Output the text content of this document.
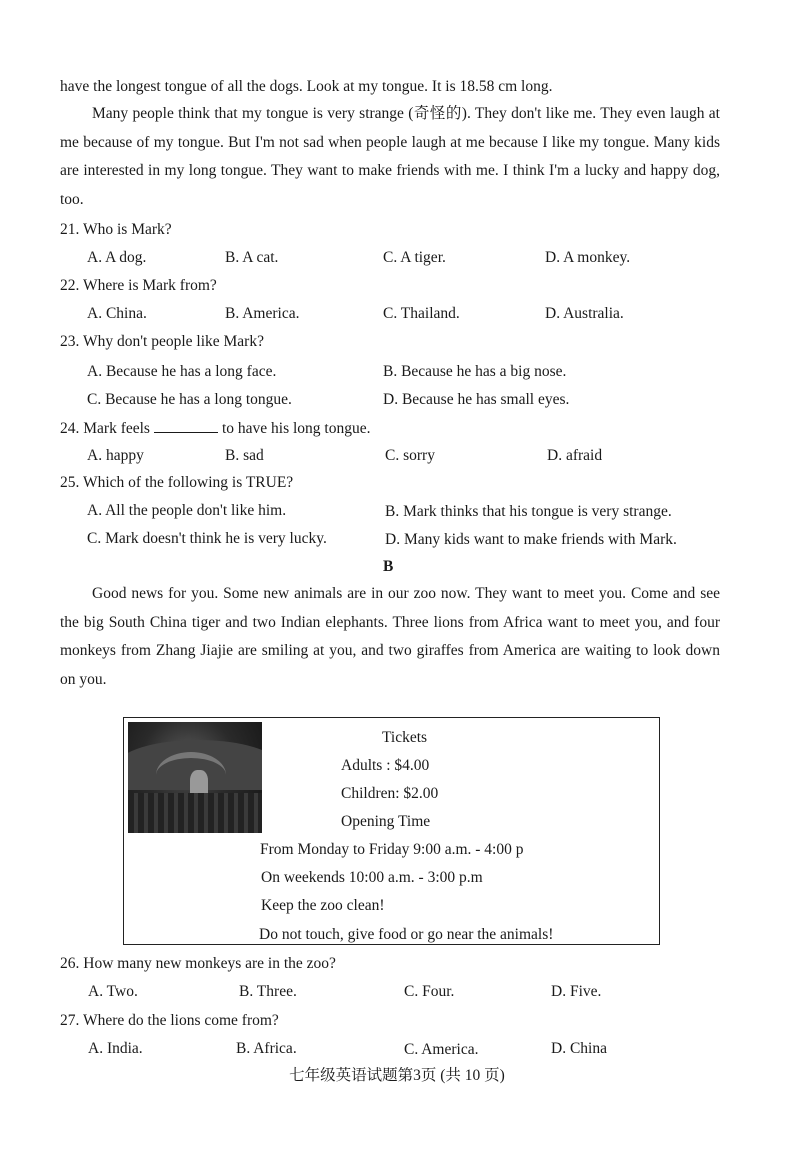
have the longest tongue of all the dogs. Look at my tongue. It is 18.58 cm long.
Many people think that my tongue is very strange (奇怪的). They don't like me. They even laugh at me because of my tongue. But I'm not sad when people laugh at me because I like my tongue. Many kids are interested in my long tongue. They want to make friends with me. I think I'm a lucky and happy dog, too.
21. Who is Mark?
A. A dog.	B. A cat.	C. A tiger.	D. A monkey.
22. Where is Mark from?
A. China.	B. America.	C. Thailand.	D. Australia.
23. Why don't people like Mark?
A. Because he has a long face.	B. Because he has a big nose.
C. Because he has a long tongue.	D. Because he has small eyes.
24. Mark feels	to have his long tongue.
A. happy	B. sad	C. sorry	D. afraid
25. Which of the following is TRUE?
A. All the people don't like him.	B. Mark thinks that his tongue is very strange.
C. Mark doesn't think he is very lucky.	D. Many kids want to make friends with Mark.
B
Good news for you. Some new animals are in our zoo now. They want to meet you. Come and see the big South China tiger and two Indian elephants. Three lions from Africa want to meet you, and four monkeys from Zhang Jiajie are smiling at you, and two giraffes from America are waiting to look down on you.
Tickets
Adults : $4.00
Children: $2.00
Opening Time
From Monday to Friday 9:00 a.m. - 4:00 p
On weekends 10:00 a.m. - 3:00 p.m
Keep the zoo clean!
Do not touch, give food or go near the animals!
26. How many new monkeys are in the zoo?
A. Two.	B. Three.	C. Four.	D. Five.
27. Where do the lions come from?
A. India.	B. Africa.	C. America.	D. China
七年级英语试题第3页 (共 10 页)
